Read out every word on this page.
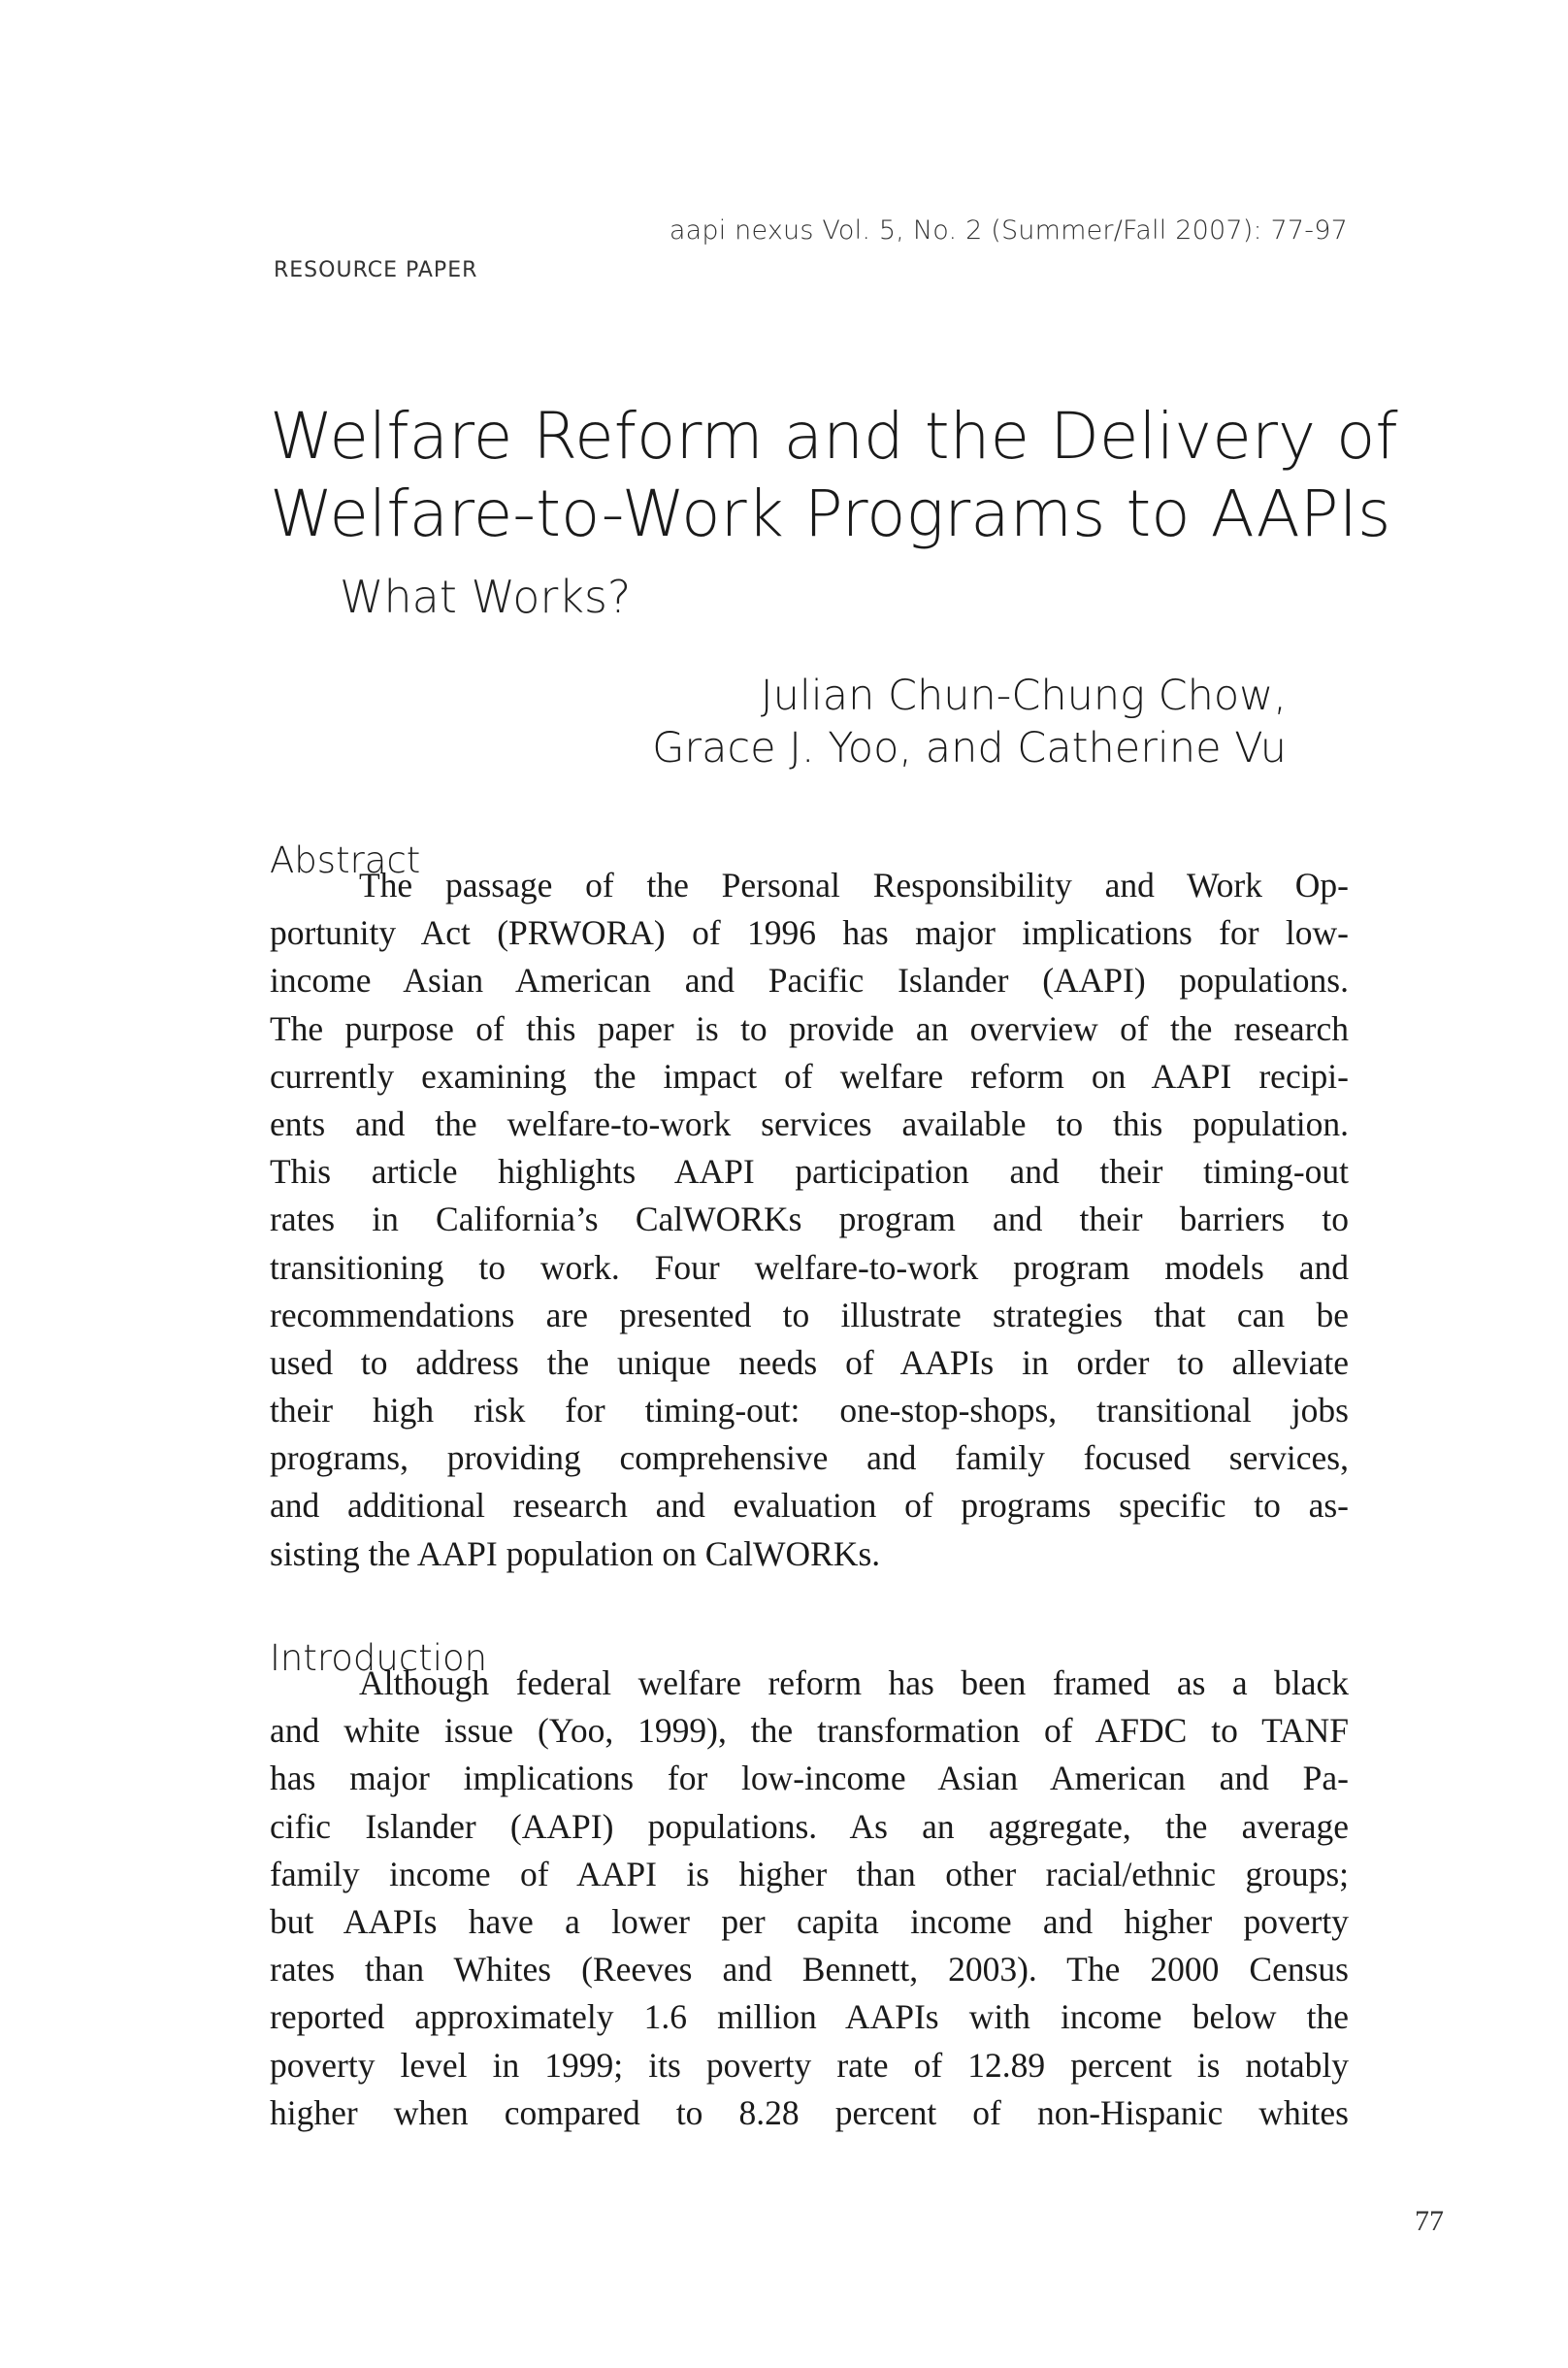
aapi nexus Vol. 5, No. 2 (Summer/Fall 2007): 77-97
RESOURCE PAPER
Welfare Reform and the Delivery of
Welfare-to-Work Programs to AAPIs
What Works?
Julian Chun-Chung Chow,
Grace J. Yoo, and Catherine Vu
Abstract
The passage of the Personal Responsibility and Work Op-
portunity Act (PRWORA) of 1996 has major implications for low-
income Asian American and Pacific Islander (AAPI) populations.
The purpose of this paper is to provide an overview of the research
currently examining the impact of welfare reform on AAPI recipi-
ents and the welfare-to-work services available to this population.
This article highlights AAPI participation and their timing-out
rates in California’s CalWORKs program and their barriers to
transitioning to work. Four welfare-to-work program models and
recommendations are presented to illustrate strategies that can be
used to address the unique needs of AAPIs in order to alleviate
their high risk for timing-out: one-stop-shops, transitional jobs
programs, providing comprehensive and family focused services,
and additional research and evaluation of programs specific to as-
sisting the AAPI population on CalWORKs.
Introduction
Although federal welfare reform has been framed as a black
and white issue (Yoo, 1999), the transformation of AFDC to TANF
has major implications for low-income Asian American and Pa-
cific Islander (AAPI) populations. As an aggregate, the average
family income of AAPI is higher than other racial/ethnic groups;
but AAPIs have a lower per capita income and higher poverty
rates than Whites (Reeves and Bennett, 2003). The 2000 Census
reported approximately 1.6 million AAPIs with income below the
poverty level in 1999; its poverty rate of 12.89 percent is notably
higher when compared to 8.28 percent of non-Hispanic whites
77
